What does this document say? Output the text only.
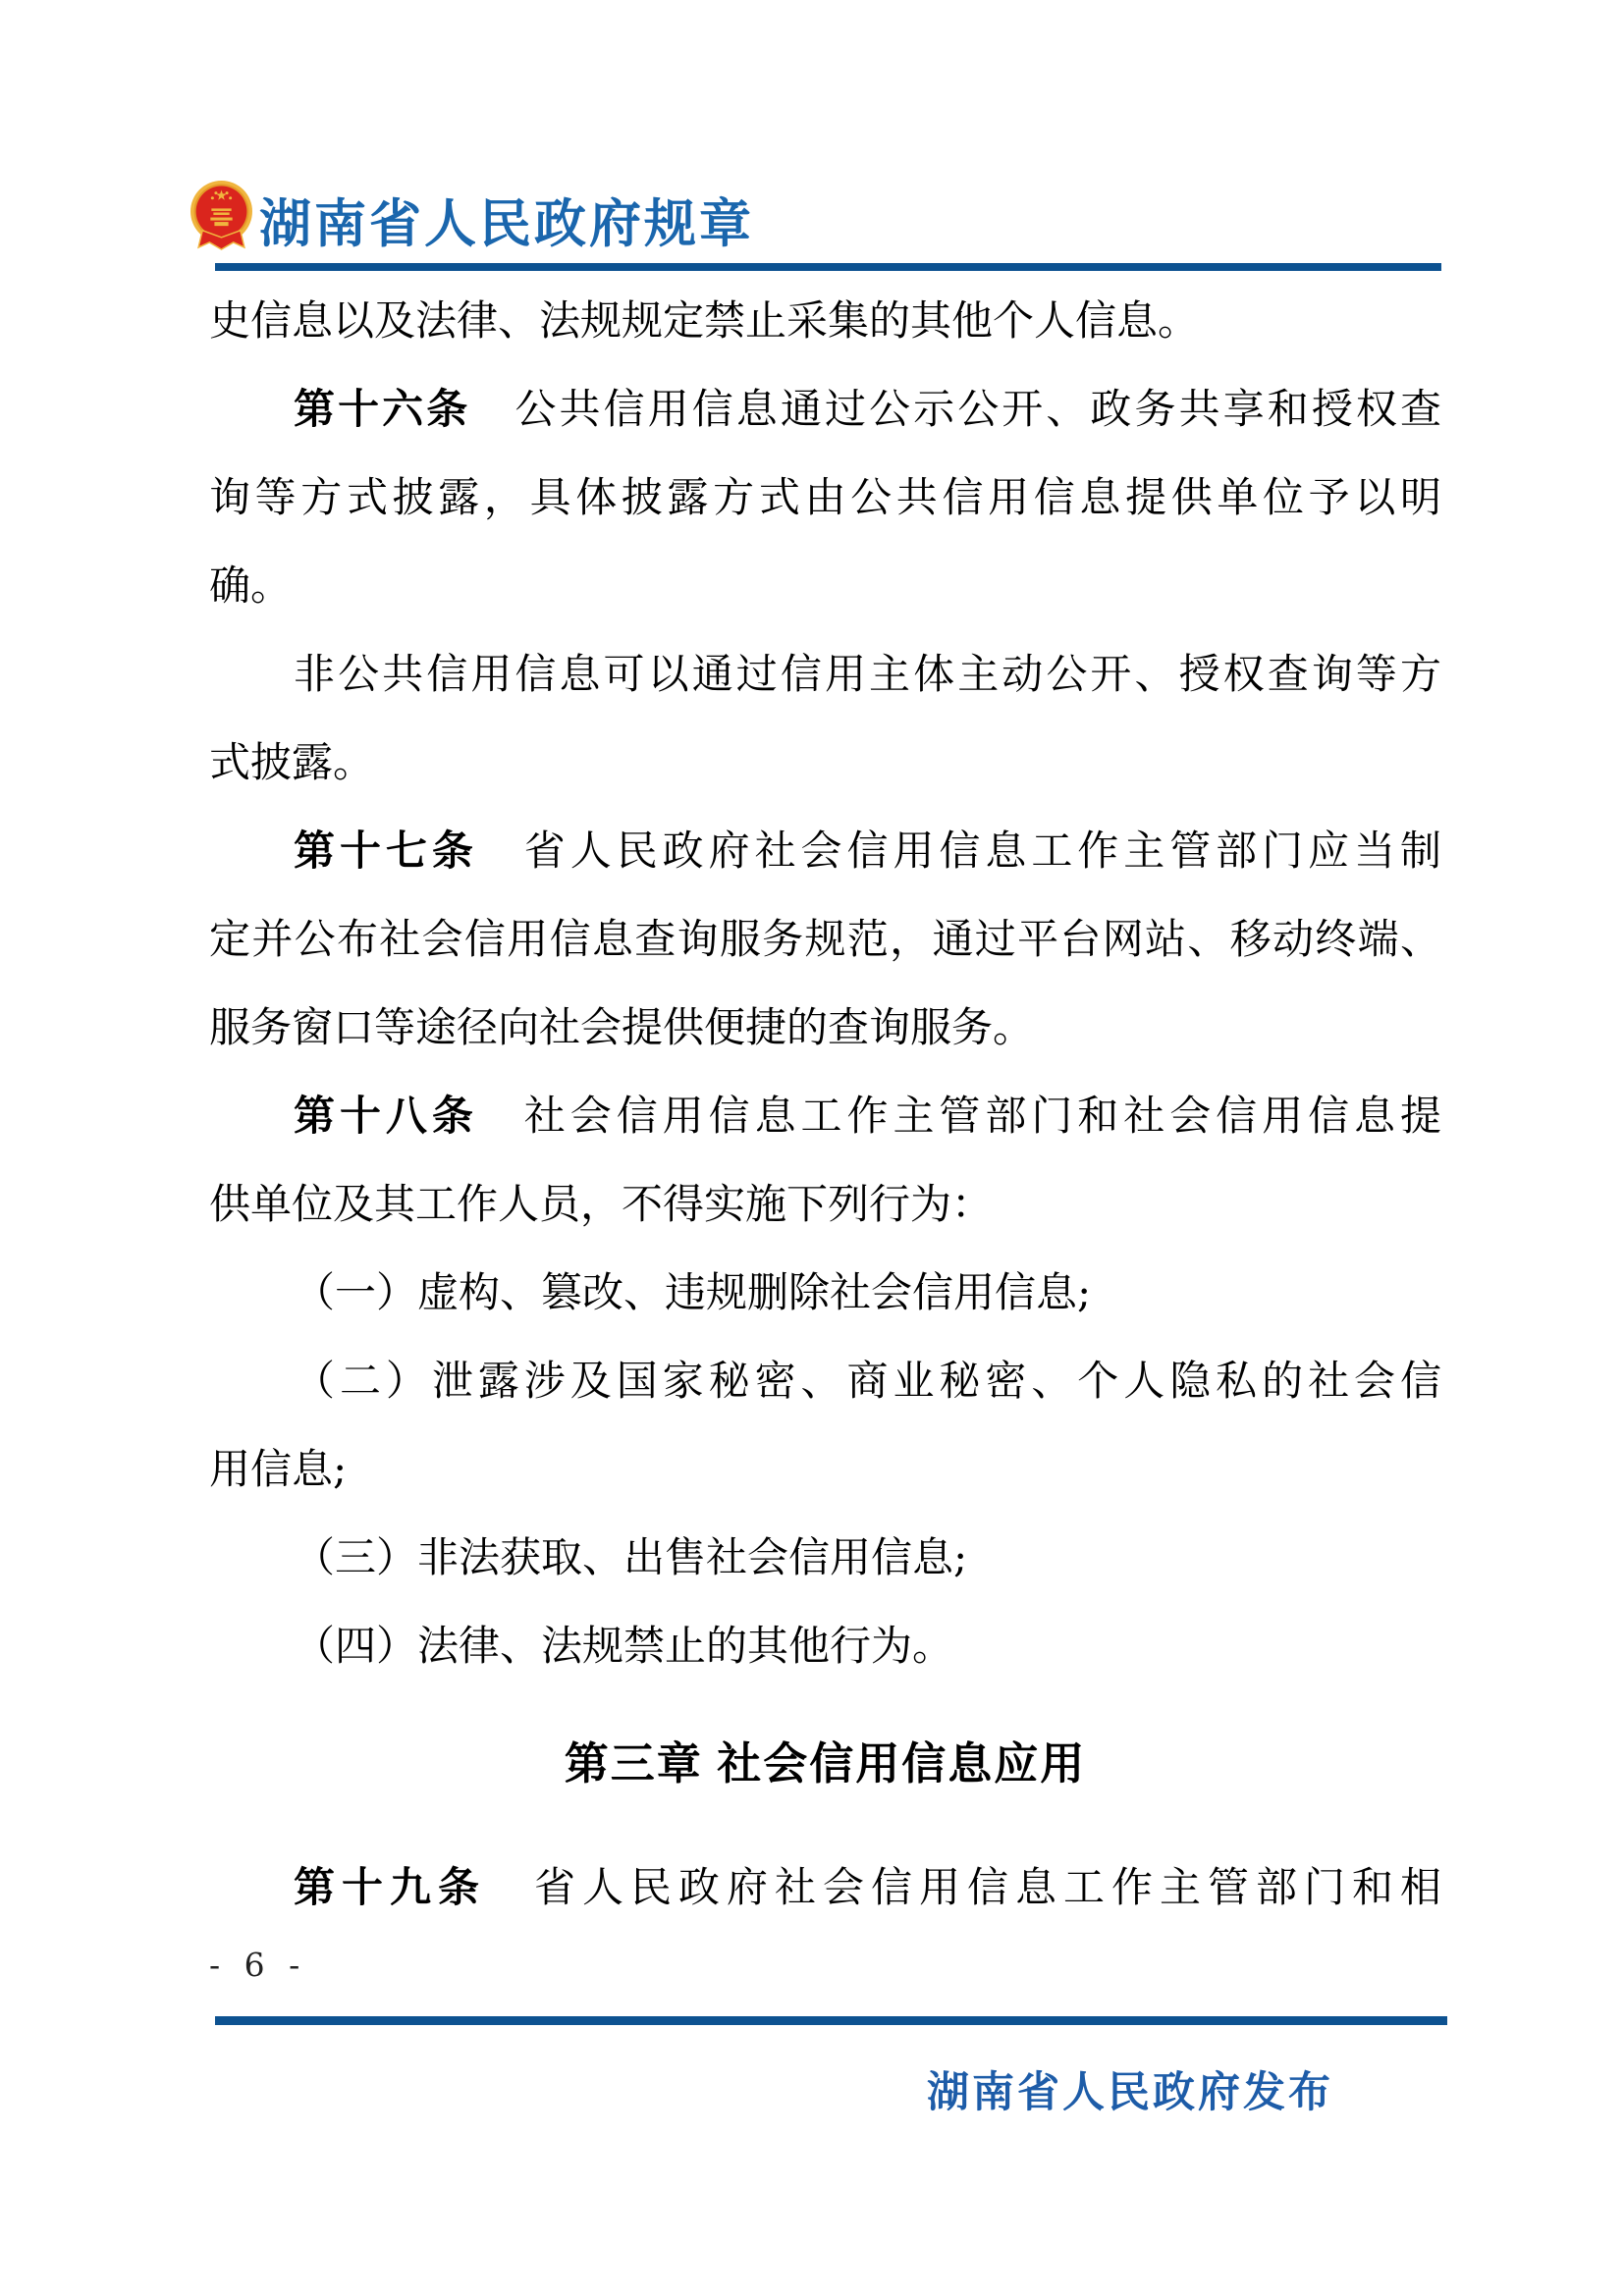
湖南省人民政府规章
史信息以及法律、法规规定禁止采集的其他个人信息。
第十六条　公共信用信息通过公示公开、政务共享和授权查
询等方式披露，具体披露方式由公共信用信息提供单位予以明
确。
非公共信用信息可以通过信用主体主动公开、授权查询等方
式披露。
第十七条　省人民政府社会信用信息工作主管部门应当制
定并公布社会信用信息查询服务规范，通过平台网站、移动终端、
服务窗口等途径向社会提供便捷的查询服务。
第十八条　社会信用信息工作主管部门和社会信用信息提
供单位及其工作人员，不得实施下列行为：
（一）虚构、篡改、违规删除社会信用信息;
（二）泄露涉及国家秘密、商业秘密、个人隐私的社会信
用信息;
（三）非法获取、出售社会信用信息;
（四）法律、法规禁止的其他行为。
第三章 社会信用信息应用
第十九条　省人民政府社会信用信息工作主管部门和相
- 6 -
湖南省人民政府发布
